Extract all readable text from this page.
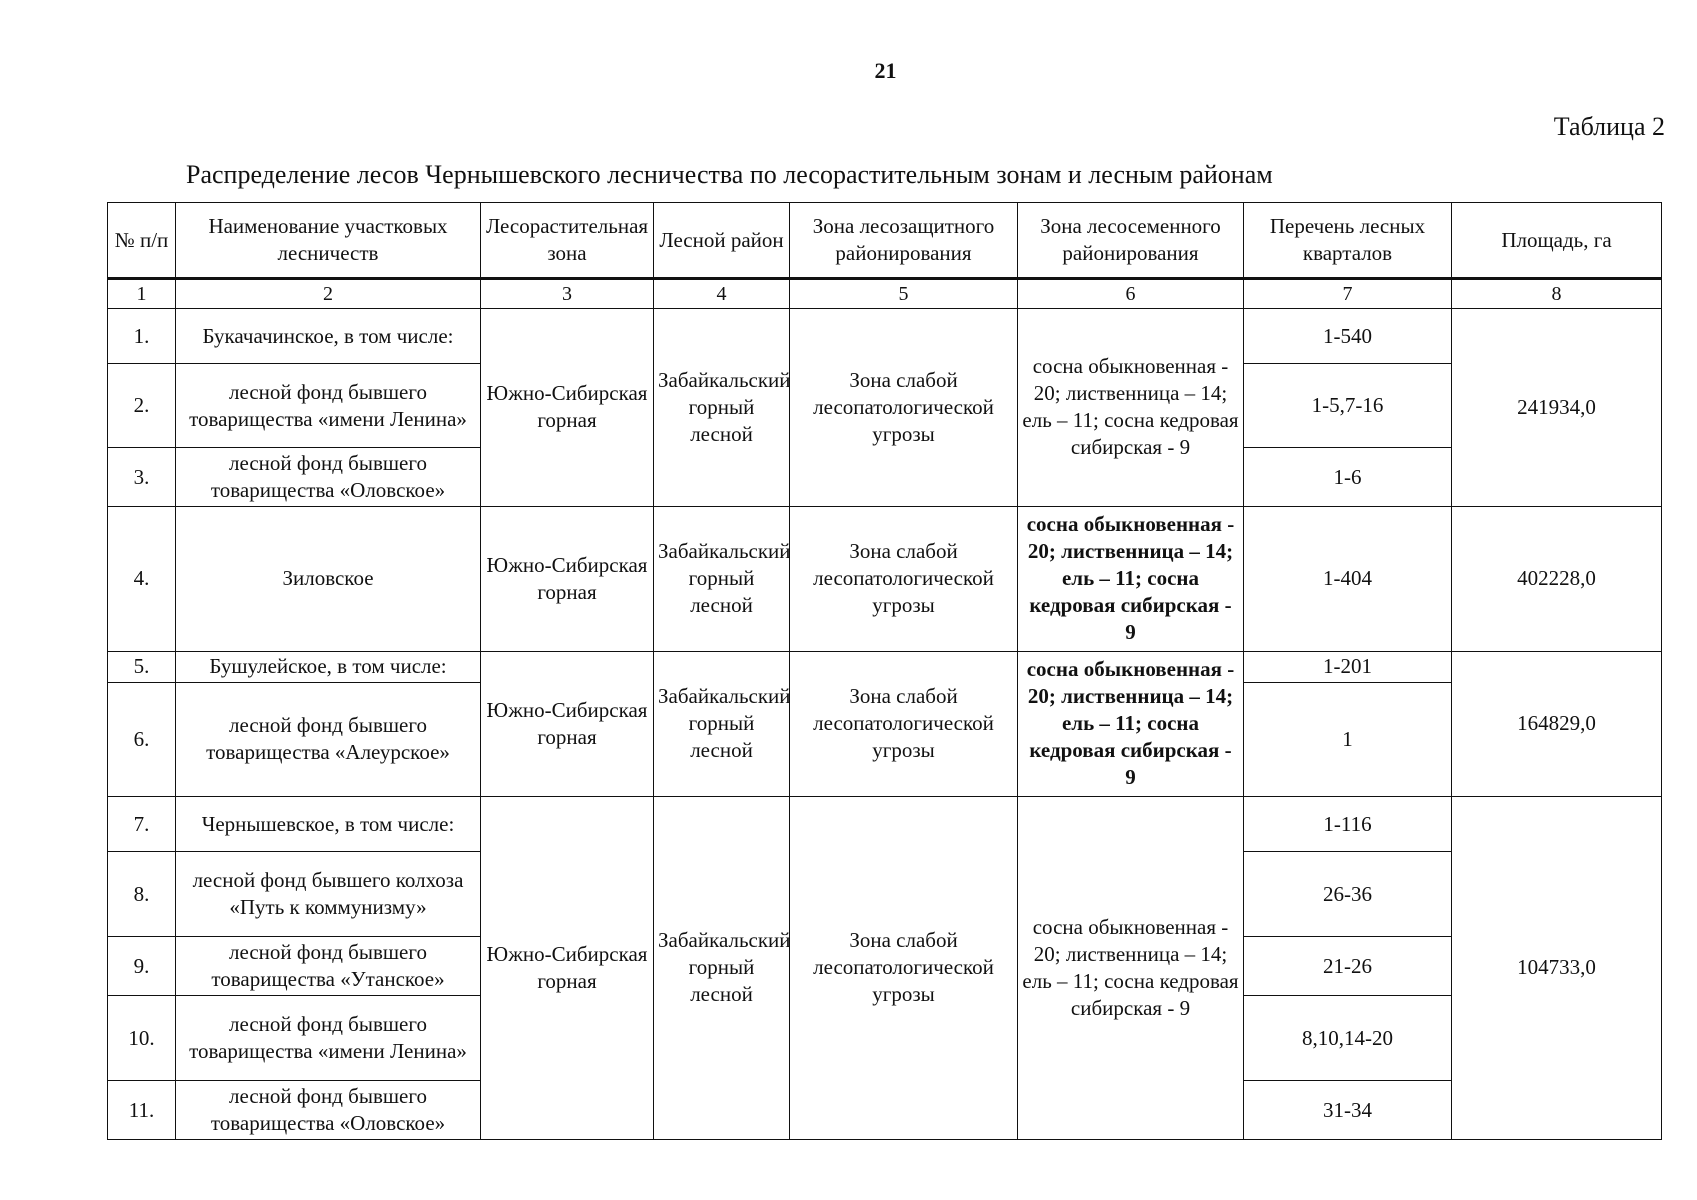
21
Таблица 2
Распределение лесов Чернышевского лесничества по лесорастительным зонам и лесным районам
№ п/п	Наименование участковых лесничеств	Лесорастительная зона	Лесной район	Зона лесозащитного районирования	Зона лесосеменного районирования	Перечень лесных кварталов	Площадь, га
1	2	3	4	5	6	7	8
1.	Букачачинское, в том числе:	Южно-Сибирская горная	Забайкальский горный лесной	Зона слабой лесопатологической угрозы	сосна обыкновенная - 20; лиственница – 14; ель – 11; сосна кедровая сибирская - 9	1-540	241934,0
2.	лесной фонд бывшего товарищества «имени Ленина»					1-5,7-16	
3.	лесной фонд бывшего товарищества «Оловское»					1-6	
4.	Зиловское	Южно-Сибирская горная	Забайкальский горный лесной	Зона слабой лесопатологической угрозы	сосна обыкновенная - 20; лиственница – 14; ель – 11; сосна кедровая сибирская - 9	1-404	402228,0
5.	Бушулейское, в том числе:	Южно-Сибирская горная	Забайкальский горный лесной	Зона слабой лесопатологической угрозы	сосна обыкновенная - 20; лиственница – 14; ель – 11; сосна кедровая сибирская - 9	1-201	164829,0
6.	лесной фонд бывшего товарищества «Алеурское»					1	
7.	Чернышевское, в том числе:	Южно-Сибирская горная	Забайкальский горный лесной	Зона слабой лесопатологической угрозы	сосна обыкновенная - 20; лиственница – 14; ель – 11; сосна кедровая сибирская - 9	1-116	104733,0
8.	лесной фонд бывшего колхоза «Путь к коммунизму»					26-36	
9.	лесной фонд бывшего товарищества «Утанское»					21-26	
10.	лесной фонд бывшего товарищества «имени Ленина»					8,10,14-20	
11.	лесной фонд бывшего товарищества «Оловское»					31-34	
